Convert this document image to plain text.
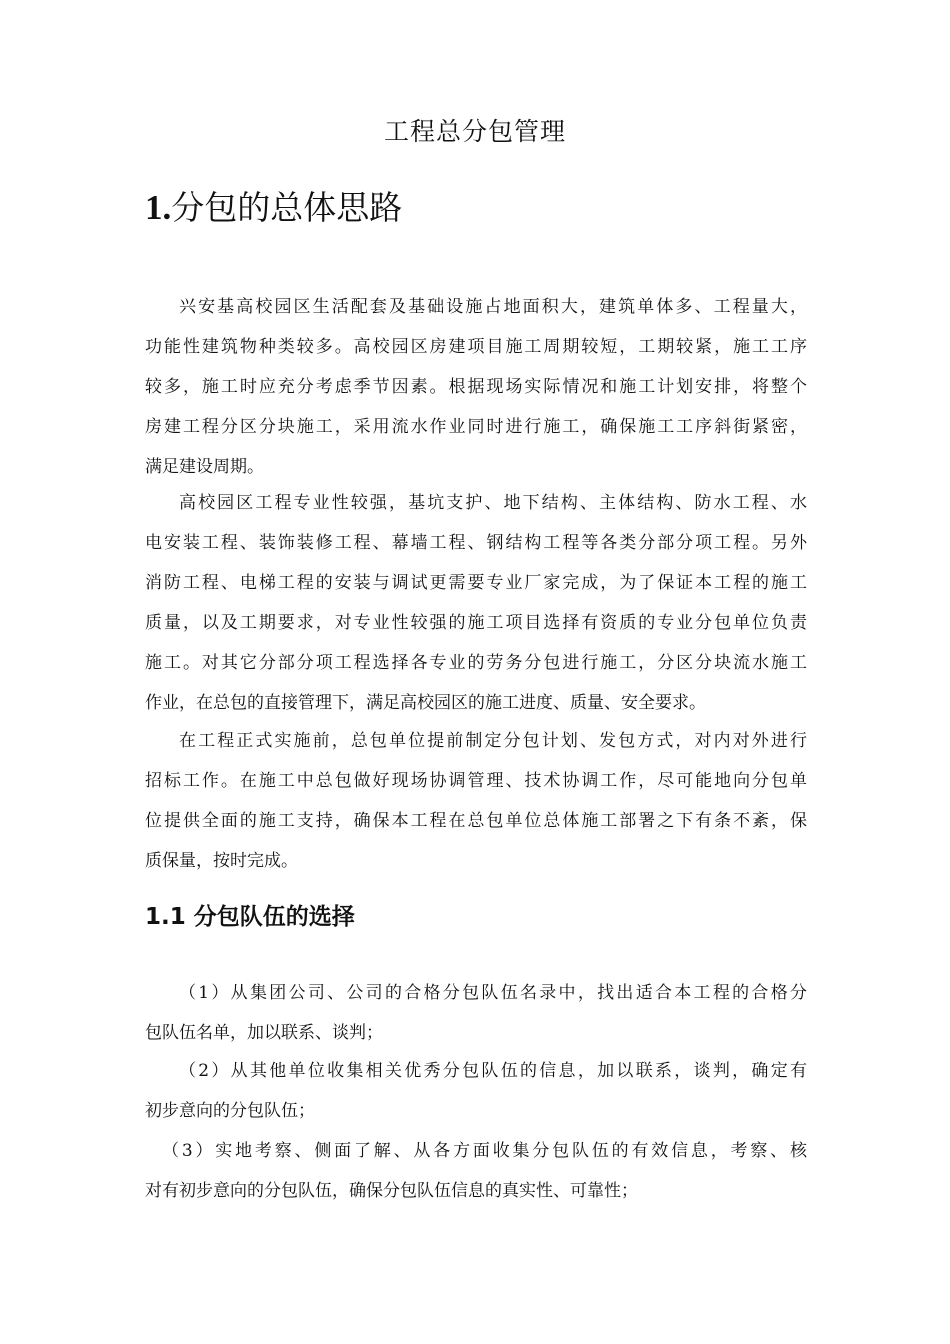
工程总分包管理
1.分包的总体思路
兴安基高校园区生活配套及基础设施占地面积大，建筑单体多、工程量大，
功能性建筑物种类较多。高校园区房建项目施工周期较短，工期较紧，施工工序
较多，施工时应充分考虑季节因素。根据现场实际情况和施工计划安排，将整个
房建工程分区分块施工，采用流水作业同时进行施工，确保施工工序斜街紧密，
满足建设周期。
高校园区工程专业性较强，基坑支护、地下结构、主体结构、防水工程、水
电安装工程、装饰装修工程、幕墙工程、钢结构工程等各类分部分项工程。另外
消防工程、电梯工程的安装与调试更需要专业厂家完成，为了保证本工程的施工
质量，以及工期要求，对专业性较强的施工项目选择有资质的专业分包单位负责
施工。对其它分部分项工程选择各专业的劳务分包进行施工，分区分块流水施工
作业，在总包的直接管理下，满足高校园区的施工进度、质量、安全要求。
在工程正式实施前，总包单位提前制定分包计划、发包方式，对内对外进行
招标工作。在施工中总包做好现场协调管理、技术协调工作，尽可能地向分包单
位提供全面的施工支持，确保本工程在总包单位总体施工部署之下有条不紊，保
质保量，按时完成。
1.1 分包队伍的选择
（1）从集团公司、公司的合格分包队伍名录中，找出适合本工程的合格分
包队伍名单，加以联系、谈判；
（2）从其他单位收集相关优秀分包队伍的信息，加以联系，谈判，确定有
初步意向的分包队伍；
（3）实地考察、侧面了解、从各方面收集分包队伍的有效信息，考察、核
对有初步意向的分包队伍，确保分包队伍信息的真实性、可靠性；
